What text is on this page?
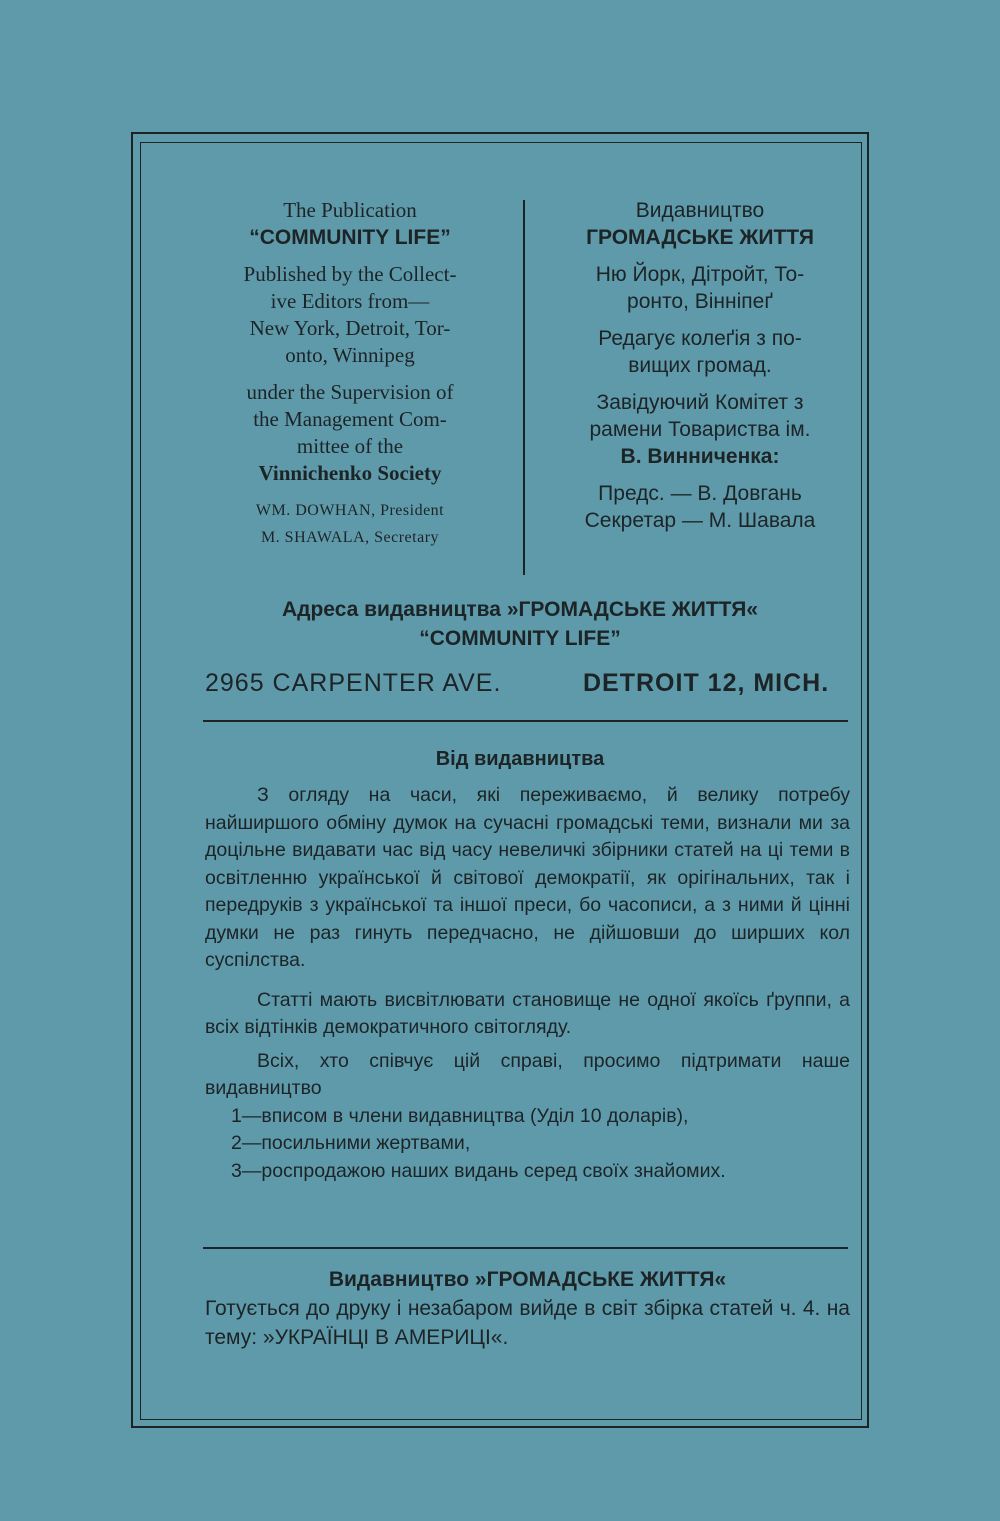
The Publication

“COMMUNITY LIFE”

Published by the Collect-

ive Editors from—

New York, Detroit, Tor-

onto, Winnipeg

under the Supervision of

the Management Com-

mittee of the

Vinnichenko Society

WM. DOWHAN, President

M. SHAWALA, Secretary

Видавництво

ГРОМАДСЬКЕ ЖИТТЯ

Ню Йорк, Дітройт, То-

ронто, Вінніпеґ

Редагує колеґія з по-

вищих громад.

Завідуючий Комітет з

рамени Товариства ім.

В. Винниченка:

Предс. — В. Довгань

Секретар — М. Шавала

Адреса видавництва »ГРОМАДСЬКЕ ЖИТТЯ«
“COMMUNITY LIFE”
2965 CARPENTER AVE.	DETROIT 12, MICH.
Від видавництва

З огляду на часи, які переживаємо, й велику потребу найширшого обміну думок на сучасні громадські теми, визнали ми за доцільне видавати час від часу невеличкі збірники статей на ці теми в освітленню української й світової демократії, як орігінальних, так і передруків з української та іншої преси, бо часописи, а з ними й цінні думки не раз гинуть передчасно, не дійшовши до ширших кол суспілства.

Статті мають висвітлювати становище не одної якоїсь ґруппи, а всіх відтінків демократичного світогляду.

Всіх, хто співчує цій справі, просимо підтримати наше видавництво

1—вписом в члени видавництва (Уділ 10 доларів),

2—посильними жертвами,

3—роспродажою наших видань серед своїх знайомих.

Видавництво »ГРОМАДСЬКЕ ЖИТТЯ«

Готується до друку і незабаром вийде в світ збірка статей ч. 4. на тему: »УКРАЇНЦІ В АМЕРИЦІ«.
